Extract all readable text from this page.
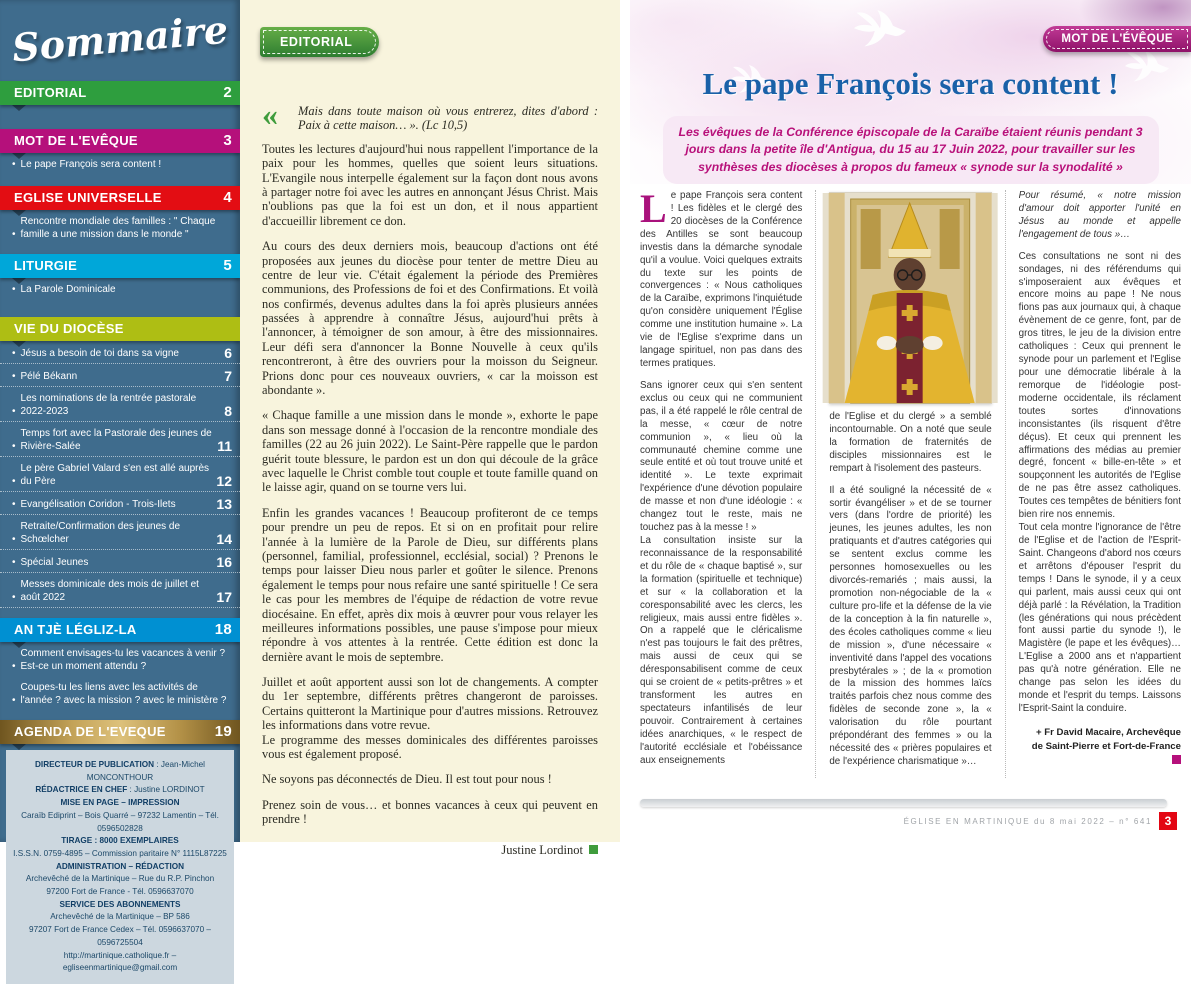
Sommaire
EDITORIAL	2
MOT DE L'EVÊQUE	3
• Le pape François sera content !
EGLISE UNIVERSELLE	4
•
Rencontre mondiale des familles : " Chaque famille a une mission dans le monde "
LITURGIE	5
• La Parole Dominicale
VIE DU DIOCÈSE
• Jésus a besoin de toi dans sa vigne	6
• Pélé Békann	7
•
Les nominations de la rentrée pastorale 2022-2023	8
•
Temps fort avec la Pastorale des jeunes de Rivière-Salée	11
•
Le père Gabriel Valard s'en est allé auprès du Père	12
• Evangélisation Coridon - Trois-Ilets	13
•
Retraite/Confirmation des jeunes de Schœlcher	14
• Spécial Jeunes	16
•
Messes dominicale des mois de juillet et août 2022	17
AN TJÈ LÉGLIZ-LA	18
•
Comment envisages-tu les vacances à venir ? Est-ce un moment attendu ?
•
Coupes-tu les liens avec les activités de l'année ? avec la mission ? avec le ministère ?
AGENDA DE L'EVEQUE	19
DIRECTEUR DE PUBLICATION : Jean-Michel MONCONTHOUR
RÉDACTRICE EN CHEF : Justine LORDINOT
MISE EN PAGE – IMPRESSION
Caraïb Ediprint – Bois Quarré – 97232 Lamentin – Tél. 0596502828
TIRAGE : 8000 EXEMPLAIRES
I.S.S.N. 0759-4895 – Commission paritaire N° 1115L87225
ADMINISTRATION – RÉDACTION
Archevêché de la Martinique – Rue du R.P. Pinchon
97200 Fort de France - Tél. 0596637070
SERVICE DES ABONNEMENTS
Archevêché de la Martinique – BP 586
97207 Fort de France Cedex – Tél. 0596637070 – 0596725504
http://martinique.catholique.fr – egliseenmartinique@gmail.com
EDITORIAL
« Mais dans toute maison où vous entrerez, dites d'abord : Paix à cette maison… ». (Lc 10,5)

Toutes les lectures d'aujourd'hui nous rappellent l'importance de la paix pour les hommes, quelles que soient leurs situations. L'Evangile nous interpelle également sur la façon dont nous avons à partager notre foi avec les autres en annonçant Jésus Christ. Mais n'oublions pas que la foi est un don, et il nous appartient d'accueillir librement ce don.

Au cours des deux derniers mois, beaucoup d'actions ont été proposées aux jeunes du diocèse pour tenter de mettre Dieu au centre de leur vie. C'était également la période des Premières communions, des Professions de foi et des Confirmations. Et voilà nos confirmés, devenus adultes dans la foi après plusieurs années passées à apprendre à connaître Jésus, aujourd'hui prêts à l'annoncer, à témoigner de son amour, à être des missionnaires. Leur défi sera d'annoncer la Bonne Nouvelle à ceux qu'ils rencontreront, à être des ouvriers pour la moisson du Seigneur. Prions donc pour ces nouveaux ouvriers, « car la moisson est abondante ».

« Chaque famille a une mission dans le monde », exhorte le pape dans son message donné à l'occasion de la rencontre mondiale des familles (22 au 26 juin 2022). Le Saint-Père rappelle que le pardon guérit toute blessure, le pardon est un don qui découle de la grâce avec laquelle le Christ comble tout couple et toute famille quand on le laisse agir, quand on se tourne vers lui.

Enfin les grandes vacances ! Beaucoup profiteront de ce temps pour prendre un peu de repos. Et si on en profitait pour relire l'année à la lumière de la Parole de Dieu, sur différents plans (personnel, familial, professionnel, ecclésial, social) ? Prenons le temps pour laisser Dieu nous parler et goûter le silence. Prenons également le temps pour nous refaire une santé spirituelle ! Ce sera le cas pour les membres de l'équipe de rédaction de votre revue diocésaine. En effet, après dix mois à œuvrer pour vous relayer les meilleures informations possibles, une pause s'impose pour mieux répondre à vos attentes à la rentrée. Cette édition est donc la dernière avant le mois de septembre.

Juillet et août apportent aussi son lot de changements. A compter du 1er septembre, différents prêtres changeront de paroisses. Certains quitteront la Martinique pour d'autres missions. Retrouvez les informations dans votre revue.

Le programme des messes dominicales des différentes paroisses vous est également proposé.

Ne soyons pas déconnectés de Dieu. Il est tout pour nous !

Prenez soin de vous… et bonnes vacances à ceux qui peuvent en prendre !

Justine Lordinot
MOT DE L'ÉVÊQUE
Le pape François sera content !
Les évêques de la Conférence épiscopale de la Caraïbe étaient réunis pendant 3 jours dans la petite île d'Antigua, du 15 au 17 Juin 2022, pour travailler sur les synthèses des diocèses à propos du fameux « synode sur la synodalité »

Le pape François sera content ! Les fidèles et le clergé des 20 diocèses de la Conférence des Antilles se sont beaucoup investis dans la démarche synodale qu'il a voulue. Voici quelques extraits du texte sur les points de convergences : « Nous catholiques de la Caraïbe, exprimons l'inquiétude qu'on considère uniquement l'Église comme une institution humaine ». La vie de l'Eglise s'exprime dans un langage spirituel, non pas dans des termes pratiques.

Sans ignorer ceux qui s'en sentent exclus ou ceux qui ne communient pas, il a été rappelé le rôle central de la messe, « cœur de notre communion », « lieu où la communauté chemine comme une seule entité et où tout trouve unité et identité ». Le texte exprimait l'expérience d'une dévotion populaire de masse et non d'une idéologie : « changez tout le reste, mais ne touchez pas à la messe ! »

La consultation insiste sur la reconnaissance de la responsabilité et du rôle de « chaque baptisé », sur la formation (spirituelle et technique) et sur « la collaboration et la coresponsabilité avec les clercs, les religieux, mais aussi entre fidèles ». On a rappelé que le cléricalisme n'est pas toujours le fait des prêtres, mais aussi de ceux qui se déresponsabilisent comme de ceux qui se croient de « petits-prêtres » et transforment les autres en spectateurs infantilisés de leur pouvoir. Contrairement à certaines idées anarchiques, « le respect de l'autorité ecclésiale et l'obéissance aux enseignements

de l'Eglise et du clergé » a semblé incontournable. On a noté que seule la formation de fraternités de disciples missionnaires est le rempart à l'isolement des pasteurs.

Il a été souligné la nécessité de « sortir évangéliser » et de se tourner vers (dans l'ordre de priorité) les jeunes, les jeunes adultes, les non pratiquants et d'autres catégories qui se sentent exclus comme les personnes homosexuelles ou les divorcés-remariés ; mais aussi, la promotion non-négociable de la « culture pro-life et la défense de la vie de la conception à la fin naturelle », des écoles catholiques comme « lieu de mission », d'une nécessaire « inventivité dans l'appel des vocations presbytérales » ; de la « promotion de la mission des hommes laïcs traités parfois chez nous comme des fidèles de seconde zone », la « valorisation du rôle pourtant prépondérant des femmes » ou la nécessité des « prières populaires et de l'expérience charismatique »…

Pour résumé, « notre mission d'amour doit apporter l'unité en Jésus au monde et appelle l'engagement de tous »…

Ces consultations ne sont ni des sondages, ni des référendums qui s'imposeraient aux évêques et encore moins au pape ! Ne nous fions pas aux journaux qui, à chaque évènement de ce genre, font, par de gros titres, le jeu de la division entre catholiques : Ceux qui prennent le synode pour un parlement et l'Eglise pour une démocratie libérale à la remorque de l'idéologie post-moderne occidentale, ils réclament toutes sortes d'innovations inconsistantes (ils risquent d'être déçus). Et ceux qui prennent les affirmations des médias au premier degré, foncent « bille-en-tête » et soupçonnent les autorités de l'Eglise de ne pas être assez catholiques. Toutes ces tempêtes de bénitiers font bien rire nos ennemis.

Tout cela montre l'ignorance de l'être de l'Eglise et de l'action de l'Esprit-Saint. Changeons d'abord nos cœurs et arrêtons d'épouser l'esprit du temps ! Dans le synode, il y a ceux qui parlent, mais aussi ceux qui ont déjà parlé : la Révélation, la Tradition (les générations qui nous précèdent font aussi partie du synode !), le Magistère (le pape et les évêques)… L'Eglise a 2000 ans et n'appartient pas qu'à notre génération. Elle ne change pas selon les idées du monde et l'esprit du temps. Laissons l'Esprit-Saint la conduire.

+ Fr David Macaire, Archevêque
de Saint-Pierre et Fort-de-France
ÉGLISE EN MARTINIQUE du 8 mai 2022 – n° 641	3
